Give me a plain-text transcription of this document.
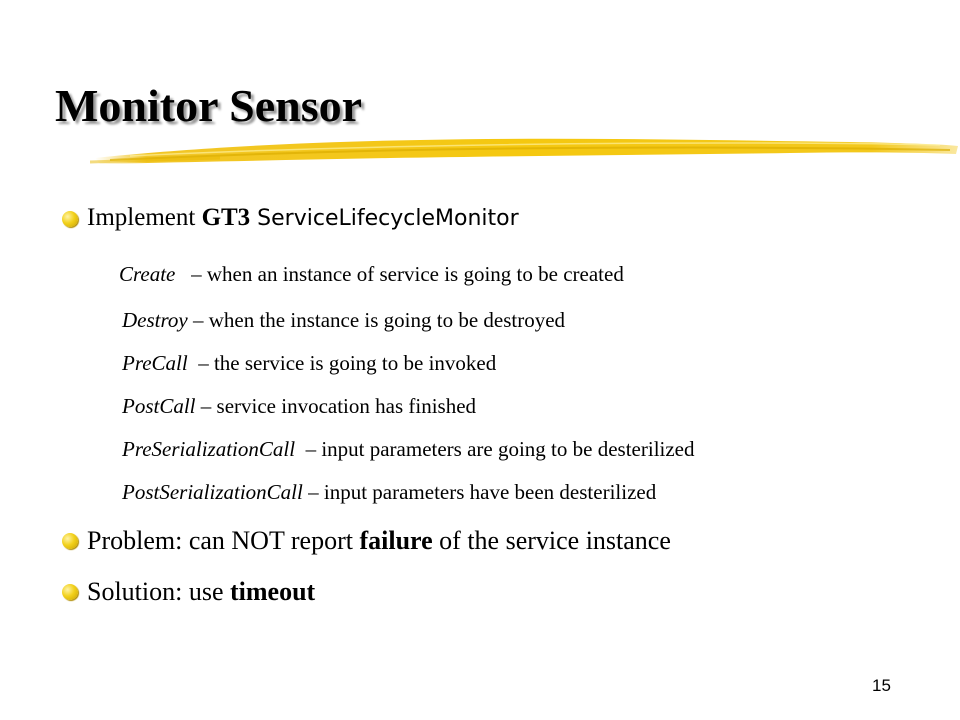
Monitor Sensor
Implement GT3 ServiceLifecycleMonitor
Create   – when an instance of service is going to be created
Destroy – when the instance is going to be destroyed
PreCall  – the service is going to be invoked
PostCall – service invocation has finished
PreSerializationCall  – input parameters are going to be desterilized
PostSerializationCall – input parameters have been desterilized
Problem: can NOT report failure of the service instance
Solution: use timeout
15
